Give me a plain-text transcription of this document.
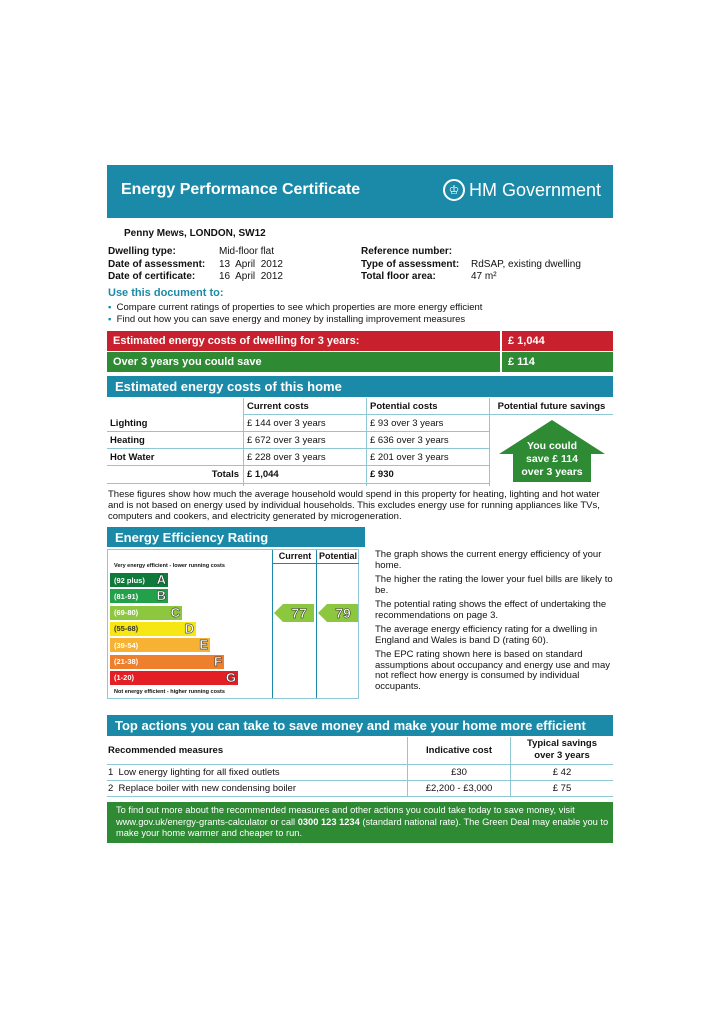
Energy Performance Certificate	♔ HM Government
Penny Mews, LONDON, SW12
Dwelling type:	Mid-floor flat
Date of assessment: 13  April  2012
Date of certificate: 16  April  2012
Reference number:
Type of assessment: RdSAP, existing dwelling
Total floor area:	47 m²
Use this document to:
▪ Compare current ratings of properties to see which properties are more energy efficient
▪ Find out how you can save energy and money by installing improvement measures
Estimated energy costs of dwelling for 3 years:	£ 1,044
Over 3 years you could save	£ 114
Estimated energy costs of this home
Current costs	Potential costs	Potential future savings
Lighting	£ 144 over 3 years	£ 93 over 3 years
Heating	£ 672 over 3 years	£ 636 over 3 years
Hot Water	£ 228 over 3 years	£ 201 over 3 years
Totals £ 1,044	£ 930
You could
save £ 114
over 3 years
These figures show how much the average household would spend in this property for heating, lighting and hot water and is not based on energy used by individual households. This excludes energy use for running appliances like TVs, computers and cookers, and electricity generated by microgeneration.
Energy Efficiency Rating
Current Potential
Very energy efficient - lower running costs
Not energy efficient - higher running costs
(92 plus) A
(81-91) B
(69-80) C
(55-68)	D
(39-54)	E
(21-38)	F
(1-20)	G
The graph shows the current energy efficiency of your home.
The higher the rating the lower your fuel bills are likely to be.
The potential rating shows the effect of undertaking the recommendations on page 3.
The average energy efficiency rating for a dwelling in England and Wales is band D (rating 60).
The EPC rating shown here is based on standard assumptions about occupancy and energy use and may not reflect how energy is consumed by individual occupants.
Top actions you can take to save money and make your home more efficient
Recommended measures	Indicative cost
Typical savings
over 3 years
1  Low energy lighting for all fixed outlets	£30	£ 42
2  Replace boiler with new condensing boiler	£2,200 - £3,000	£ 75
To find out more about the recommended measures and other actions you could take today to save money, visit
www.gov.uk/energy-grants-calculator or call 0300 123 1234 (standard national rate). The Green Deal may enable you to
make your home warmer and cheaper to run.
77	79
